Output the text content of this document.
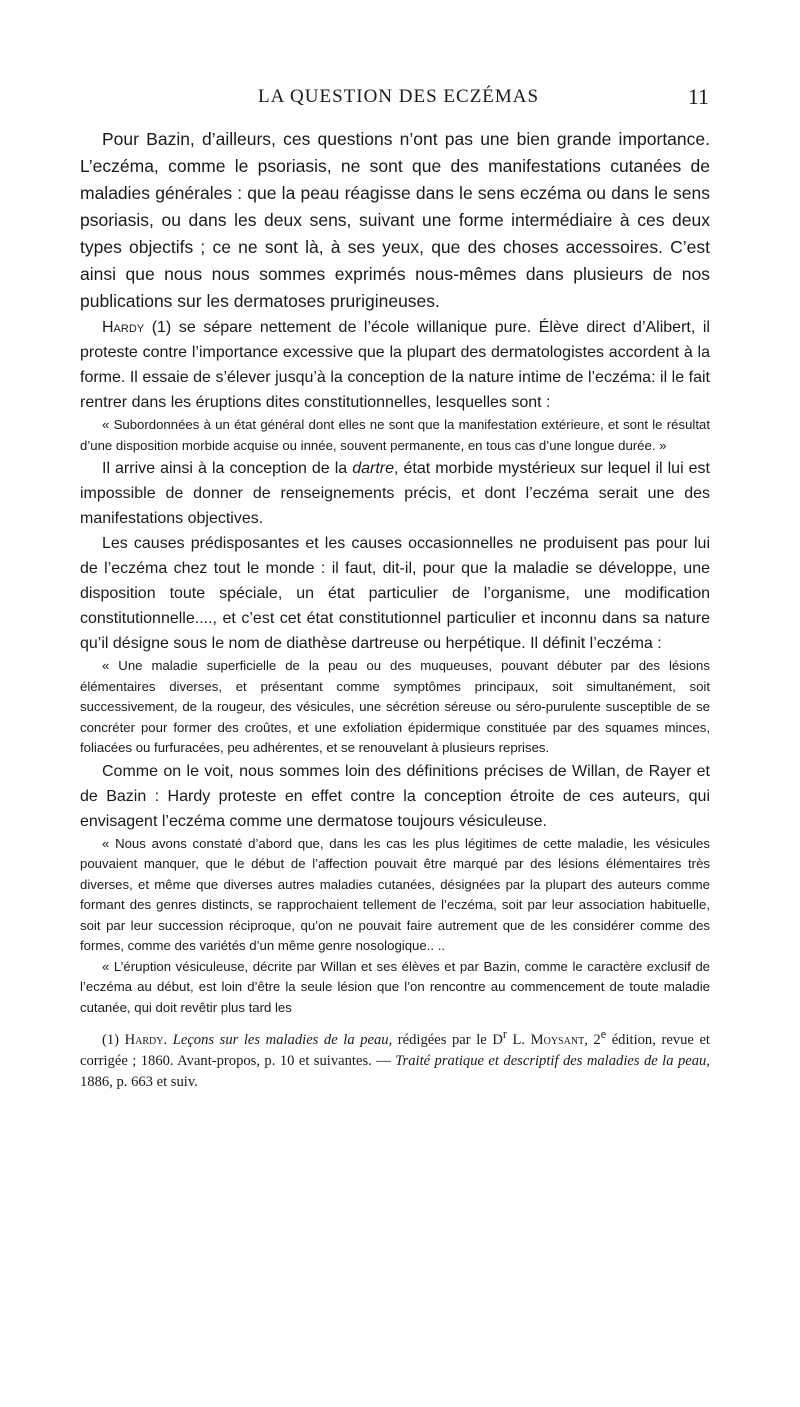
LA QUESTION DES ECZÉMAS	11

Pour Bazin, d’ailleurs, ces questions n’ont pas une bien grande importance. L’eczéma, comme le psoriasis, ne sont que des manifestations cutanées de maladies générales : que la peau réagisse dans le sens eczéma ou dans le sens psoriasis, ou dans les deux sens, suivant une forme intermédiaire à ces deux types objectifs ; ce ne sont là, à ses yeux, que des choses accessoires. C’est ainsi que nous nous sommes exprimés nous-mêmes dans plusieurs de nos publications sur les dermatoses prurigineuses.

Hardy (1) se sépare nettement de l’école willanique pure. Élève direct d’Alibert, il proteste contre l’importance excessive que la plupart des dermatologistes accordent à la forme. Il essaie de s’élever jusqu’à la conception de la nature intime de l’eczéma: il le fait rentrer dans les éruptions dites constitutionnelles, lesquelles sont :

« Subordonnées à un état général dont elles ne sont que la manifestation extérieure, et sont le résultat d’une disposition morbide acquise ou innée, souvent permanente, en tous cas d’une longue durée. »

Il arrive ainsi à la conception de la dartre, état morbide mystérieux sur lequel il lui est impossible de donner de renseignements précis, et dont l’eczéma serait une des manifestations objectives.

Les causes prédisposantes et les causes occasionnelles ne produisent pas pour lui de l’eczéma chez tout le monde : il faut, dit-il, pour que la maladie se développe, une disposition toute spéciale, un état particulier de l’organisme, une modification constitutionnelle...., et c’est cet état constitutionnel particulier et inconnu dans sa nature qu’il désigne sous le nom de diathèse dartreuse ou herpétique. Il définit l’eczéma :

« Une maladie superficielle de la peau ou des muqueuses, pouvant débuter par des lésions élémentaires diverses, et présentant comme symptômes principaux, soit simultanément, soit successivement, de la rougeur, des vésicules, une sécrétion séreuse ou séro-purulente susceptible de se concréter pour former des croûtes, et une exfoliation épidermique constituée par des squames minces, foliacées ou furfuracées, peu adhérentes, et se renouvelant à plusieurs reprises.

Comme on le voit, nous sommes loin des définitions précises de Willan, de Rayer et de Bazin : Hardy proteste en effet contre la conception étroite de ces auteurs, qui envisagent l’eczéma comme une dermatose toujours vésiculeuse.

« Nous avons constaté d’abord que, dans les cas les plus légitimes de cette maladie, les vésicules pouvaient manquer, que le début de l’affection pouvait être marqué par des lésions élémentaires très diverses, et même que diverses autres maladies cutanées, désignées par la plupart des auteurs comme formant des genres distincts, se rapprochaient tellement de l’eczéma, soit par leur association habituelle, soit par leur succession réciproque, qu’on ne pouvait faire autrement que de les considérer comme des formes, comme des variétés d’un même genre nosologique.. ..

« L’éruption vésiculeuse, décrite par Willan et ses élèves et par Bazin, comme le caractère exclusif de l’eczéma au début, est loin d’être la seule lésion que l’on rencontre au commencement de toute maladie cutanée, qui doit revêtir plus tard les

(1) Hardy. Leçons sur les maladies de la peau, rédigées par le $D^r$ L. Moysant, 2e édition, revue et corrigée ; 1860. Avant-propos, p. 10 et suivantes. — Traité pratique et descriptif des maladies de la peau, 1886, p. 663 et suiv.
